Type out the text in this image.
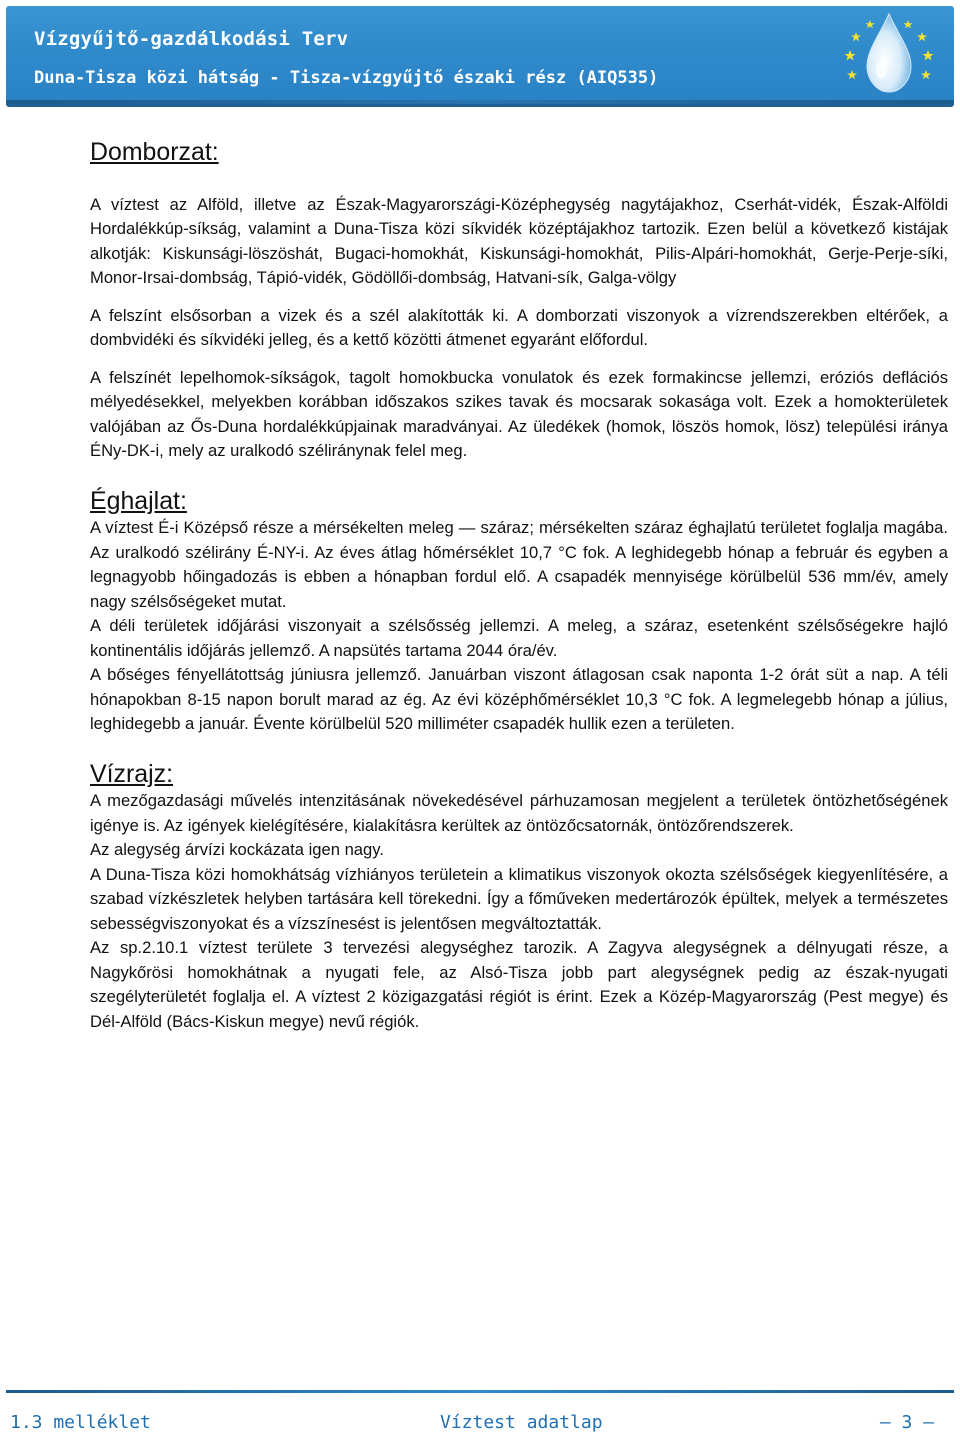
Vízgyűjtő-gazdálkodási Terv
Duna-Tisza közi hátság - Tisza-vízgyűjtő északi rész (AIQ535)
Domborzat:

A víztest az Alföld, illetve az Észak-Magyarországi-Középhegység nagytájakhoz, Cserhát-vidék, Észak-Alföldi Hordalékkúp-síkság, valamint a Duna-Tisza közi síkvidék középtájakhoz tartozik. Ezen belül a következő kistájak alkotják: Kiskunsági-löszöshát, Bugaci-homokhát, Kiskunsági-homokhát, Pilis-Alpári-homokhát, Gerje-Perje-síki, Monor-Irsai-dombság, Tápió-vidék, Gödöllői-dombság, Hatvani-sík, Galga-völgy

A felszínt elsősorban a vizek és a szél alakították ki. A domborzati viszonyok a vízrendszerekben eltérőek, a dombvidéki és síkvidéki jelleg, és a kettő közötti átmenet egyaránt előfordul.

A felszínét lepelhomok-síkságok, tagolt homokbucka vonulatok és ezek formakincse jellemzi, eróziós deflációs mélyedésekkel, melyekben korábban időszakos szikes tavak és mocsarak sokasága volt. Ezek a homokterületek valójában az Ős-Duna hordalékkúpjainak maradványai. Az üledékek (homok, löszös homok, lösz) települési iránya ÉNy-DK-i, mely az uralkodó széliránynak felel meg.

Éghajlat:

A víztest É-i Középső része a mérsékelten meleg — száraz; mérsékelten száraz éghajlatú területet foglalja magába. Az uralkodó szélirány É-NY-i. Az éves átlag hőmérséklet 10,7 °C fok. A leghidegebb hónap a február és egyben a legnagyobb hőingadozás is ebben a hónapban fordul elő. A csapadék mennyisége körülbelül 536 mm/év, amely nagy szélsőségeket mutat.

A déli területek időjárási viszonyait a szélsősség jellemzi. A meleg, a száraz, esetenként szélsőségekre hajló kontinentális időjárás jellemző. A napsütés tartama 2044 óra/év.

A bőséges fényellátottság júniusra jellemző. Januárban viszont átlagosan csak naponta 1-2 órát süt a nap. A téli hónapokban 8-15 napon borult marad az ég. Az évi középhőmérséklet 10,3 °C fok. A legmelegebb hónap a július, leghidegebb a január. Évente körülbelül 520 milliméter csapadék hullik ezen a területen.

Vízrajz:

A mezőgazdasági művelés intenzitásának növekedésével párhuzamosan megjelent a területek öntözhetőségének igénye is. Az igények kielégítésére, kialakításra kerültek az öntözőcsatornák, öntözőrendszerek.

Az alegység árvízi kockázata igen nagy.

A Duna-Tisza közi homokhátság vízhiányos területein a klimatikus viszonyok okozta szélsőségek kiegyenlítésére, a szabad vízkészletek helyben tartására kell törekedni. Így a főműveken medertározók épültek, melyek a természetes sebességviszonyokat és a vízszínesést is jelentősen megváltoztatták.

Az sp.2.10.1 víztest területe 3 tervezési alegységhez tarozik. A Zagyva alegységnek a délnyugati része, a Nagykőrösi homokhátnak a nyugati fele, az Alsó-Tisza jobb part alegységnek pedig az észak-nyugati szegélyterületét foglalja el. A víztest 2 közigazgatási régiót is érint. Ezek a Közép-Magyarország (Pest megye) és Dél-Alföld (Bács-Kiskun megye) nevű régiók.

1.3 melléklet	Víztest adatlap	— 3 —
